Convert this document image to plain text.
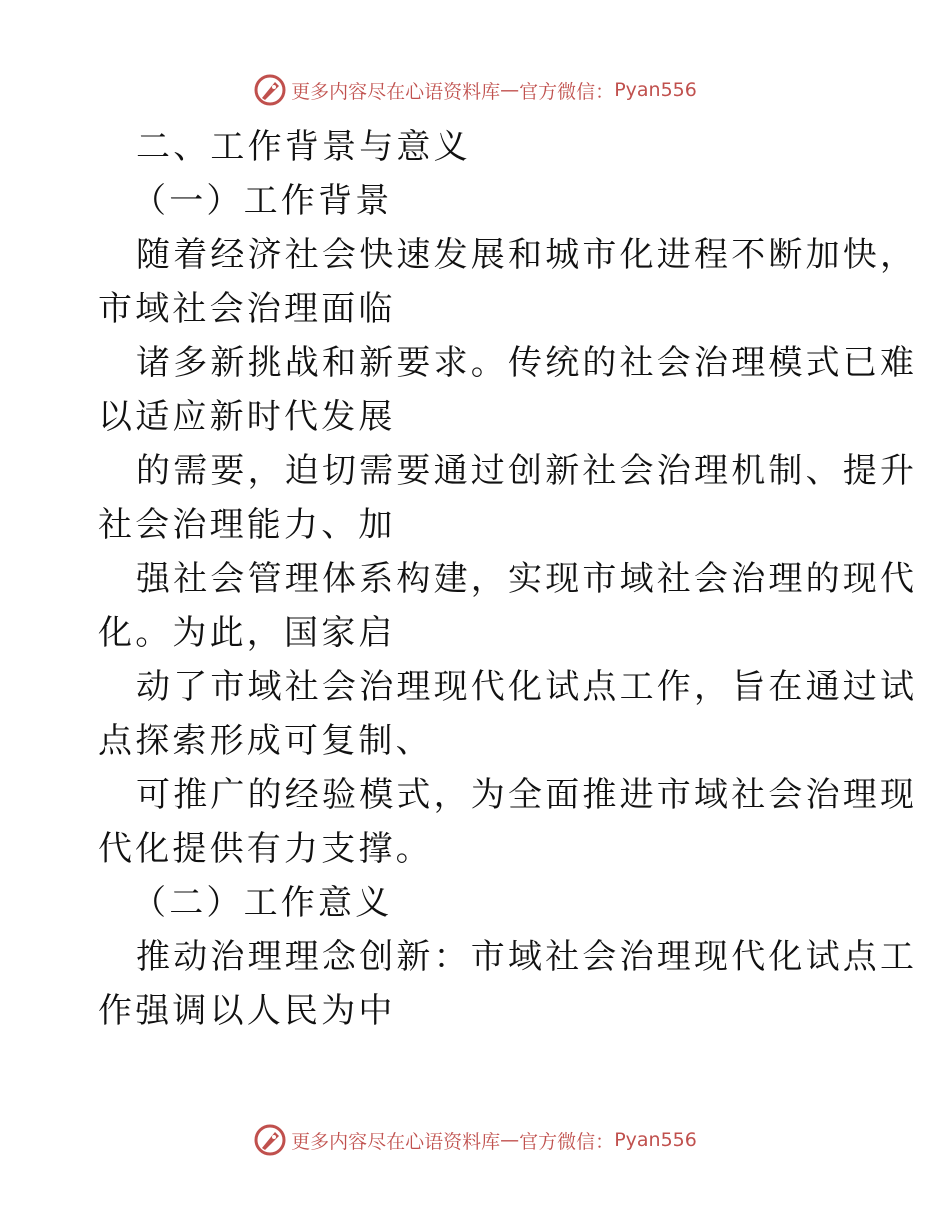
更多内容尽在心语资料库 — 官方微信： Pyan556
二、工作背景与意义
（一）工作背景
随着经济社会快速发展和城市化进程不断加快，
市域社会治理面临
诸多新挑战和新要求。传统的社会治理模式已难
以适应新时代发展
的需要，迫切需要通过创新社会治理机制、提升
社会治理能力、加
强社会管理体系构建，实现市域社会治理的现代
化。为此，国家启
动了市域社会治理现代化试点工作，旨在通过试
点探索形成可复制、
可推广的经验模式，为全面推进市域社会治理现
代化提供有力支撑。
（二）工作意义
推动治理理念创新：市域社会治理现代化试点工
作强调以人民为中
更多内容尽在心语资料库 — 官方微信： Pyan556
